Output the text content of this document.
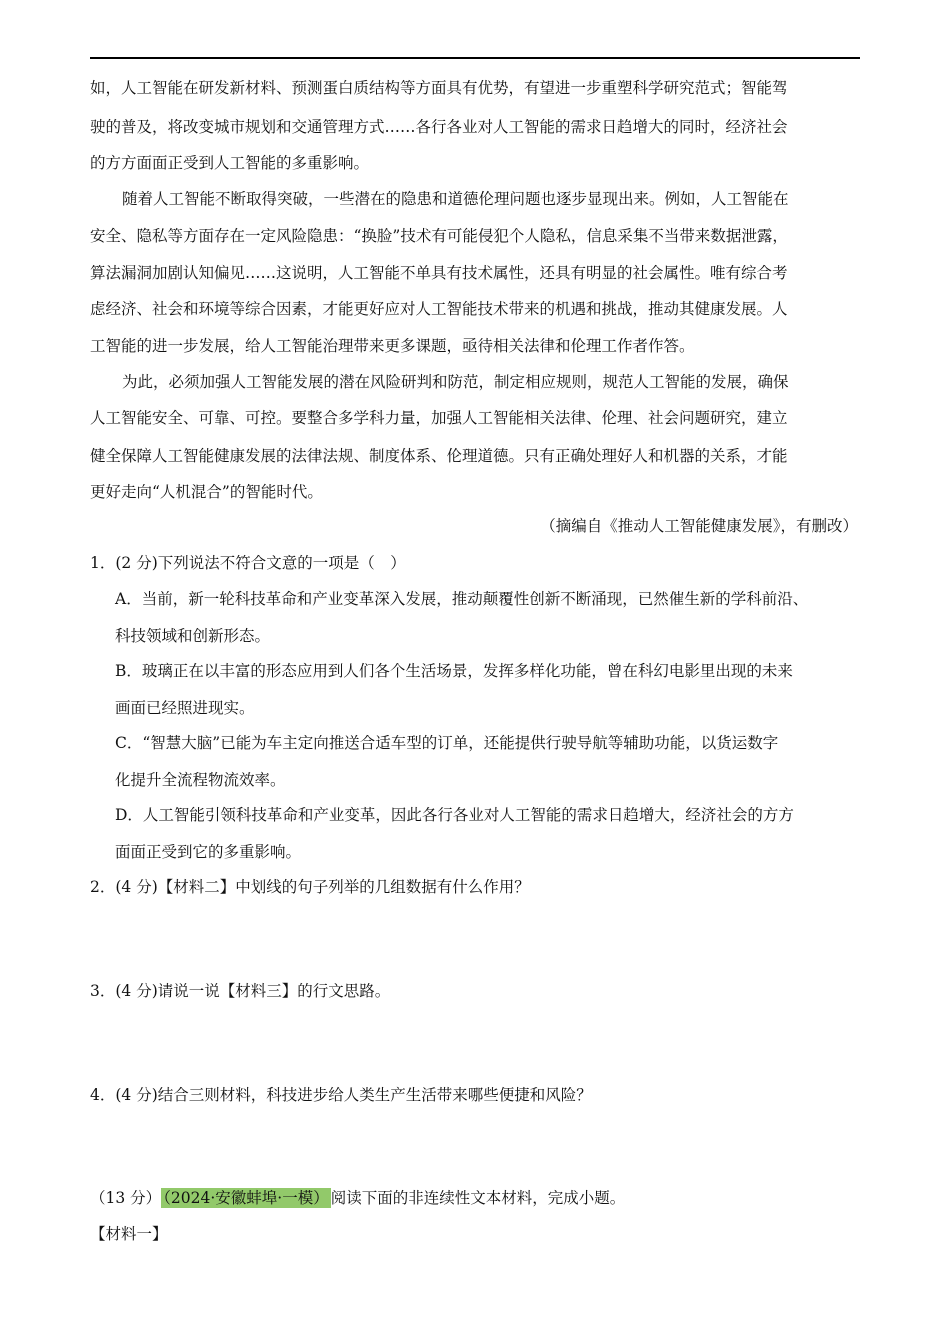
如，人工智能在研发新材料、预测蛋白质结构等方面具有优势，有望进一步重塑科学研究范式；智能驾
驶的普及，将改变城市规划和交通管理方式……各行各业对人工智能的需求日趋增大的同时，经济社会
的方方面面正受到人工智能的多重影响。
随着人工智能不断取得突破，一些潜在的隐患和道德伦理问题也逐步显现出来。例如，人工智能在
安全、隐私等方面存在一定风险隐患：“换脸”技术有可能侵犯个人隐私，信息采集不当带来数据泄露，
算法漏洞加剧认知偏见……这说明，人工智能不单具有技术属性，还具有明显的社会属性。唯有综合考
虑经济、社会和环境等综合因素，才能更好应对人工智能技术带来的机遇和挑战，推动其健康发展。人
工智能的进一步发展，给人工智能治理带来更多课题，亟待相关法律和伦理工作者作答。
为此，必须加强人工智能发展的潜在风险研判和防范，制定相应规则，规范人工智能的发展，确保
人工智能安全、可靠、可控。要整合多学科力量，加强人工智能相关法律、伦理、社会问题研究，建立
健全保障人工智能健康发展的法律法规、制度体系、伦理道德。只有正确处理好人和机器的关系，才能
更好走向“人机混合”的智能时代。
（摘编自《推动人工智能健康发展》，有删改）
1．(2 分)下列说法不符合文意的一项是（　）
A．当前，新一轮科技革命和产业变革深入发展，推动颠覆性创新不断涌现，已然催生新的学科前沿、
科技领域和创新形态。
B．玻璃正在以丰富的形态应用到人们各个生活场景，发挥多样化功能，曾在科幻电影里出现的未来
画面已经照进现实。
C．“智慧大脑”已能为车主定向推送合适车型的订单，还能提供行驶导航等辅助功能，以货运数字
化提升全流程物流效率。
D．人工智能引领科技革命和产业变革，因此各行各业对人工智能的需求日趋增大，经济社会的方方
面面正受到它的多重影响。
2．(4 分)【材料二】中划线的句子列举的几组数据有什么作用？
3．(4 分)请说一说【材料三】的行文思路。
4．(4 分)结合三则材料，科技进步给人类生产生活带来哪些便捷和风险？
（13 分） （2024·安徽蚌埠·一模） 阅读下面的非连续性文本材料，完成小题。
【材料一】
